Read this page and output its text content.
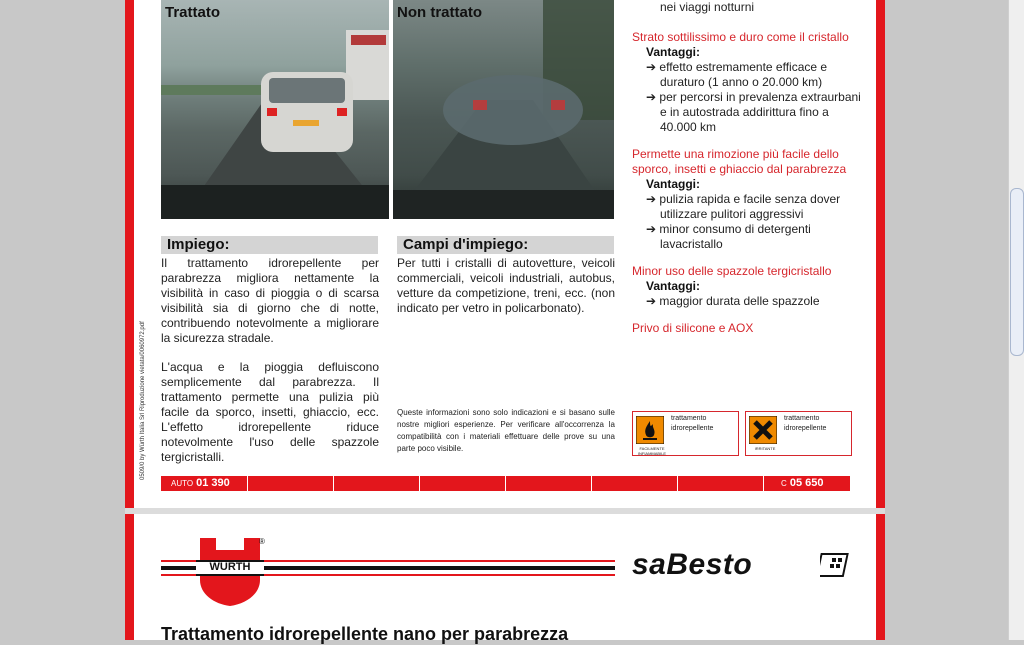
Trattato	Non trattato
Impiego:
Il trattamento idrorepellente per parabrezza migliora nettamente la visibilità in caso di pioggia o di scarsa visibilità sia di giorno che di notte, contribuendo notevolmente a migliorare la sicurezza stradale.
L'acqua e la pioggia defluiscono semplicemente dal parabrezza. Il trattamento permette una pulizia più facile da sporco, insetti, ghiaccio, ecc. L'effetto idrorepellente riduce notevolmente l'uso delle spazzole tergicristalli.
Campi d'impiego:
Per tutti i cristalli di autovetture, veicoli commerciali, veicoli industriali, autobus, vetture da competizione, treni, ecc. (non indicato per vetro in policarbonato).
Queste informazioni sono solo indicazioni e si basano sulle nostre migliori esperienze. Per verificare all'occorrenza la compatibilità con i materiali effettuare delle prove su una parte poco visibile.
nei viaggi notturni
Strato sottilissimo e duro come il cristallo
Vantaggi:
➔ effetto estremamente efficace e duraturo (1 anno o 20.000 km)
➔ per percorsi in prevalenza extraurbani e in autostrada addirittura fino a 40.000 km
Permette una rimozione più facile dello sporco, insetti e ghiaccio dal parabrezza
Vantaggi:
➔ pulizia rapida e facile senza dover utilizzare pulitori aggressivi
➔ minor consumo di detergenti lavacristallo
Minor uso delle spazzole tergicristallo
Vantaggi:
➔ maggior durata delle spazzole
Privo di silicone e AOX
FACILMENTE INFIAMMABILE
trattamento
idrorepellente
IRRITANTE
trattamento
idrorepellente
AUTO 01 390	C 05 650
0509/0 by Würth Italia Srl Riproduzione vietata/0060972.pdf
WÜRTH
®
saBesto
Trattamento idrorepellente nano per parabrezza
